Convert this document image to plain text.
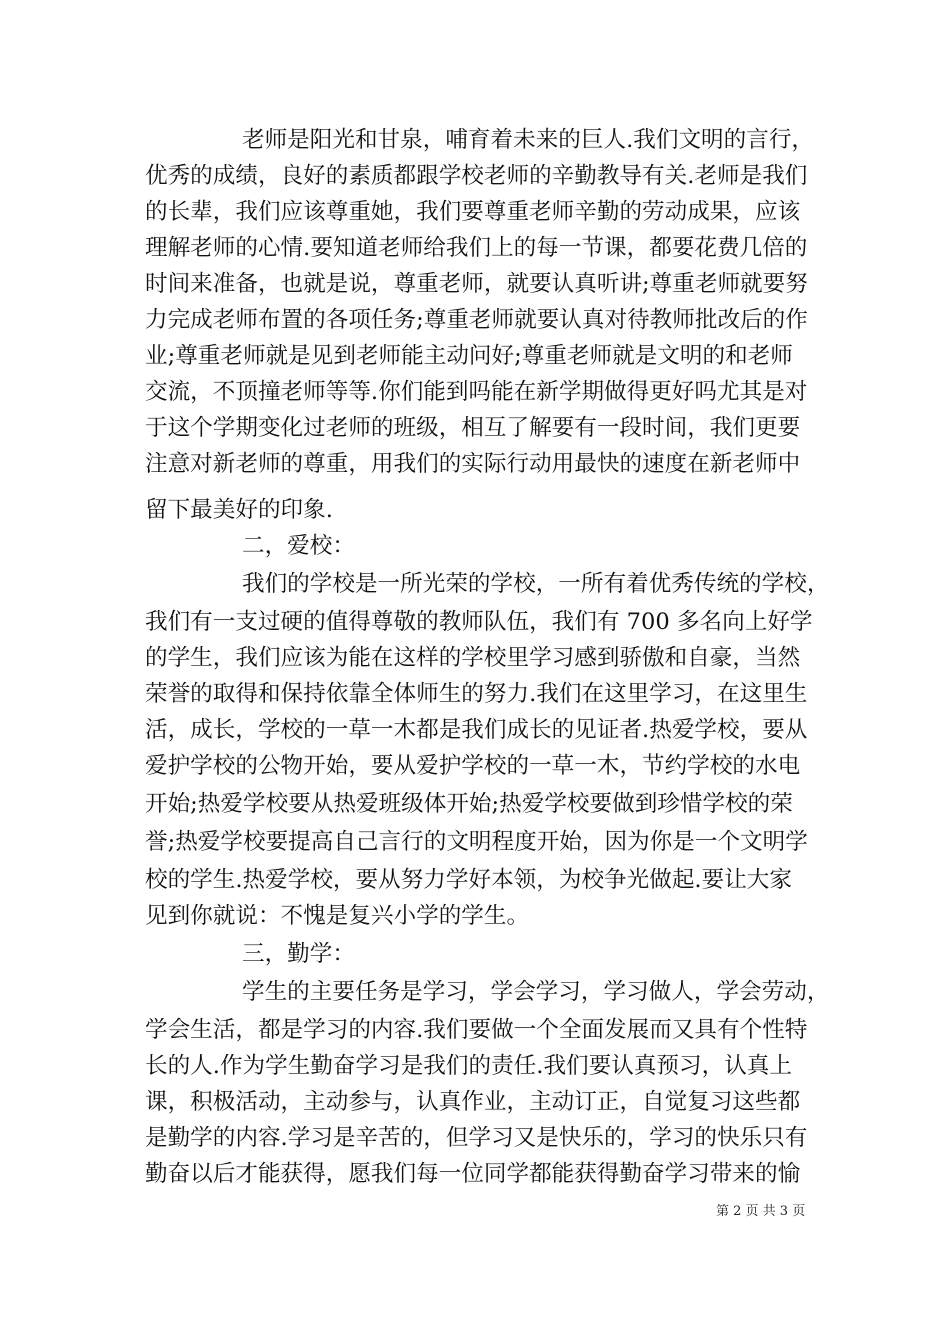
老师是阳光和甘泉，哺育着未来的巨人.我们文明的言行，
优秀的成绩，良好的素质都跟学校老师的辛勤教导有关.老师是我们
的长辈，我们应该尊重她，我们要尊重老师辛勤的劳动成果，应该
理解老师的心情.要知道老师给我们上的每一节课，都要花费几倍的
时间来准备，也就是说，尊重老师，就要认真听讲;尊重老师就要努
力完成老师布置的各项任务;尊重老师就要认真对待教师批改后的作
业;尊重老师就是见到老师能主动问好;尊重老师就是文明的和老师
交流，不顶撞老师等等.你们能到吗能在新学期做得更好吗尤其是对
于这个学期变化过老师的班级，相互了解要有一段时间，我们更要
注意对新老师的尊重，用我们的实际行动用最快的速度在新老师中
留下最美好的印象.
二，爱校：
我们的学校是一所光荣的学校，一所有着优秀传统的学校，
我们有一支过硬的值得尊敬的教师队伍，我们有 700 多名向上好学
的学生，我们应该为能在这样的学校里学习感到骄傲和自豪，当然
荣誉的取得和保持依靠全体师生的努力.我们在这里学习，在这里生
活，成长，学校的一草一木都是我们成长的见证者.热爱学校，要从
爱护学校的公物开始，要从爱护学校的一草一木，节约学校的水电
开始;热爱学校要从热爱班级体开始;热爱学校要做到珍惜学校的荣
誉;热爱学校要提高自己言行的文明程度开始，因为你是一个文明学
校的学生.热爱学校，要从努力学好本领，为校争光做起.要让大家
见到你就说：不愧是复兴小学的学生。
三，勤学：
学生的主要任务是学习，学会学习，学习做人，学会劳动，
学会生活，都是学习的内容.我们要做一个全面发展而又具有个性特
长的人.作为学生勤奋学习是我们的责任.我们要认真预习，认真上
课，积极活动，主动参与，认真作业，主动订正，自觉复习这些都
是勤学的内容.学习是辛苦的，但学习又是快乐的，学习的快乐只有
勤奋以后才能获得，愿我们每一位同学都能获得勤奋学习带来的愉
第 2 页 共 3 页
